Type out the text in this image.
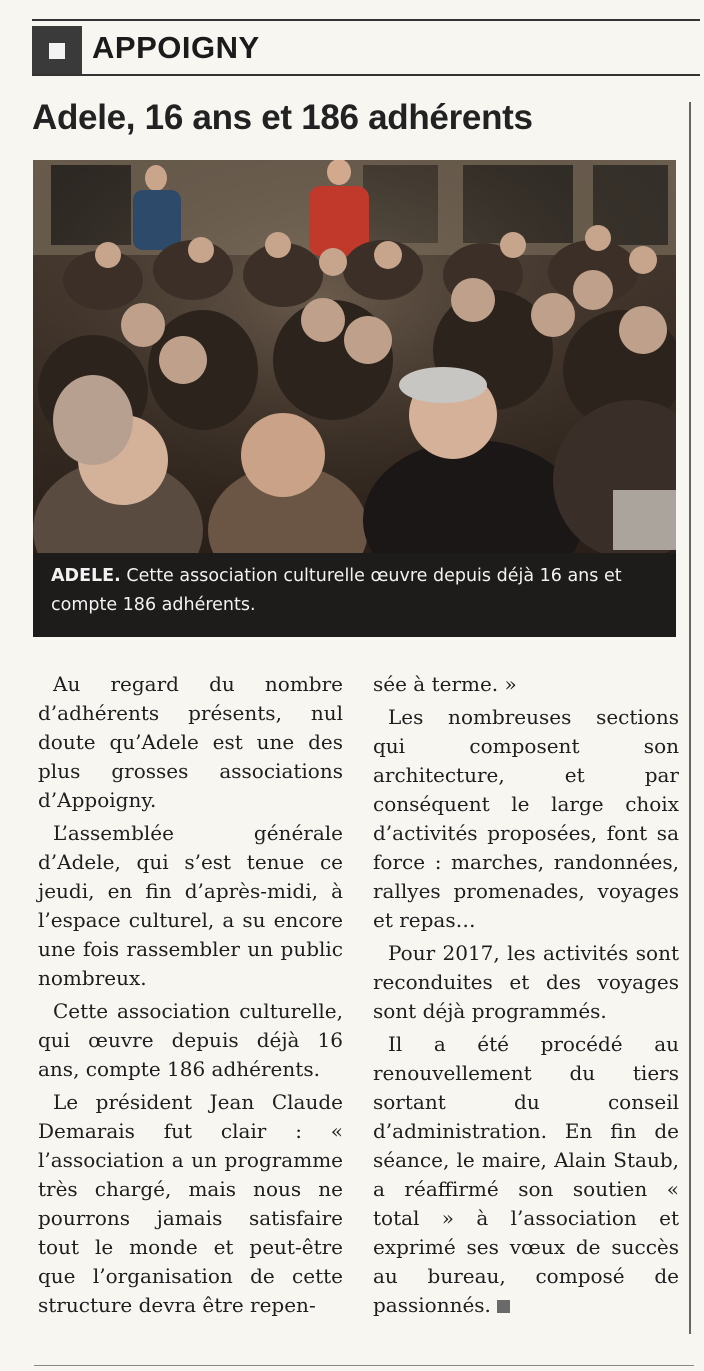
APPOIGNY
Adele, 16 ans et 186 adhérents
ADELE. Cette association culturelle œuvre depuis déjà 16 ans et compte 186 adhérents.

Au regard du nombre d’adhérents présents, nul doute qu’Adele est une des plus grosses associations d’Appoigny.

L’assemblée générale d’Adele, qui s’est tenue ce jeudi, en fin d’après-midi, à l’espace culturel, a su encore une fois rassembler un public nombreux.

Cette association culturelle, qui œuvre depuis déjà 16 ans, compte 186 adhérents.

Le président Jean Claude Demarais fut clair : « l’association a un programme très chargé, mais nous ne pourrons jamais satisfaire tout le monde et peut-être que l’organisation de cette structure devra être repen-

sée à terme. »

Les nombreuses sections qui composent son architecture, et par conséquent le large choix d’activités proposées, font sa force : marches, randonnées, rallyes promenades, voyages et repas…

Pour 2017, les activités sont reconduites et des voyages sont déjà programmés.

Il a été procédé au renouvellement du tiers sortant du conseil d’administration. En fin de séance, le maire, Alain Staub, a réaffirmé son soutien « total » à l’association et exprimé ses vœux de succès au bureau, composé de passionnés.
